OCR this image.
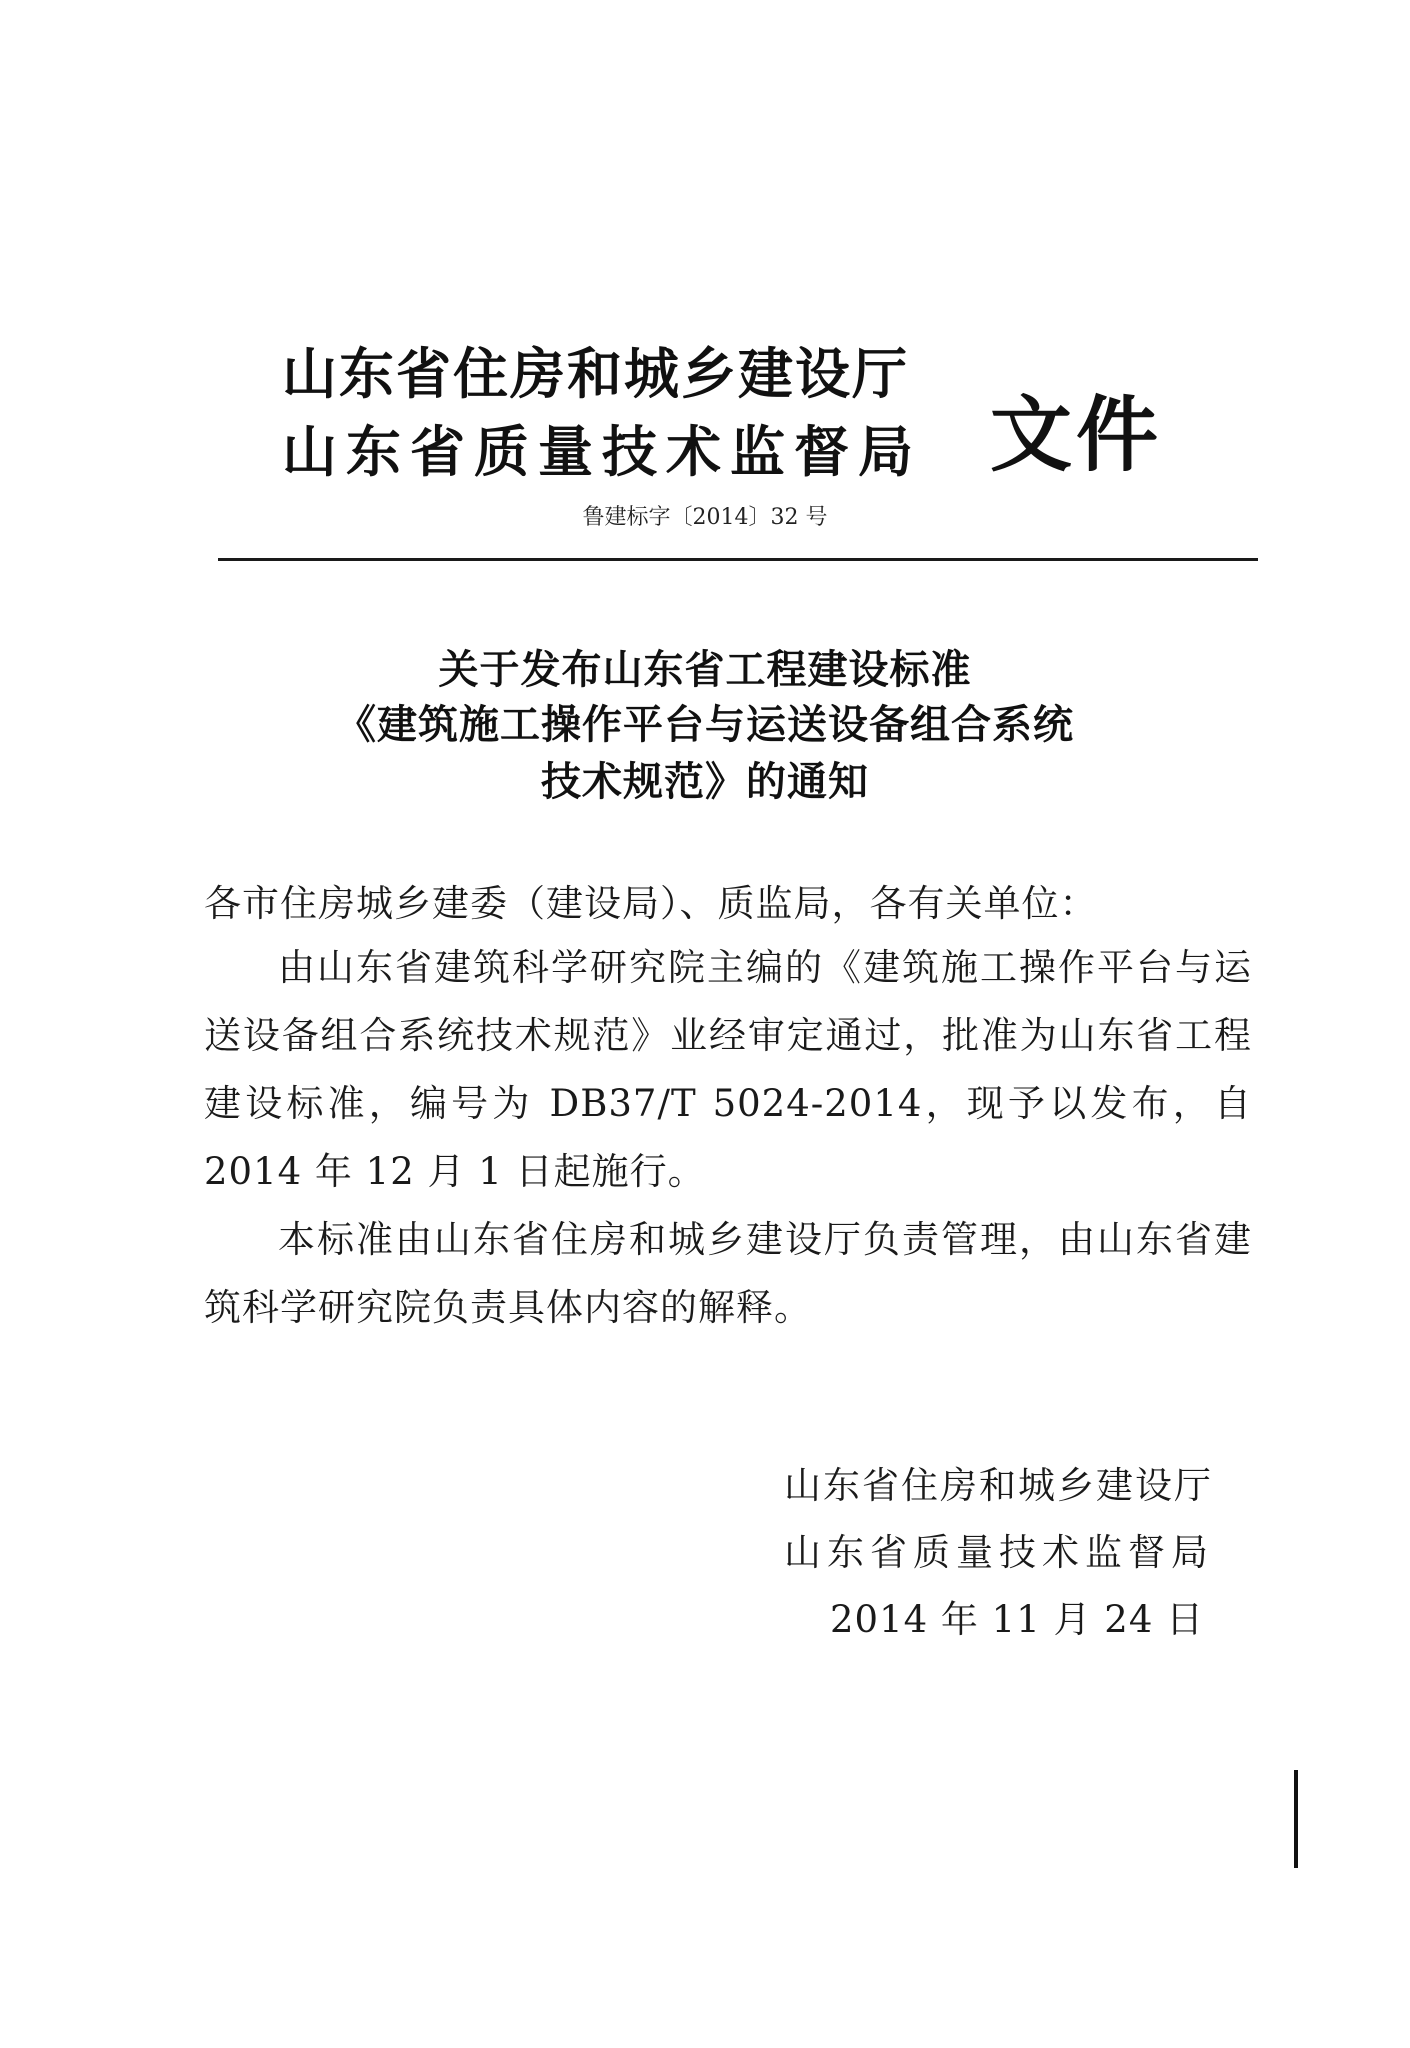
山东省住房和城乡建设厅
山东省质量技术监督局 文件
鲁建标字〔2014〕32 号
关于发布山东省工程建设标准
《建筑施工操作平台与运送设备组合系统
技术规范》的通知
各市住房城乡建委（建设局）、质监局，各有关单位：
由山东省建筑科学研究院主编的《建筑施工操作平台与运送设备组合系统技术规范》业经审定通过，批准为山东省工程建设标准，编号为 DB37/T 5024-2014，现予以发布，自 2014 年 12 月 1 日起施行。
本标准由山东省住房和城乡建设厅负责管理，由山东省建筑科学研究院负责具体内容的解释。
山东省住房和城乡建设厅
山东省质量技术监督局
2014 年 11 月 24 日
